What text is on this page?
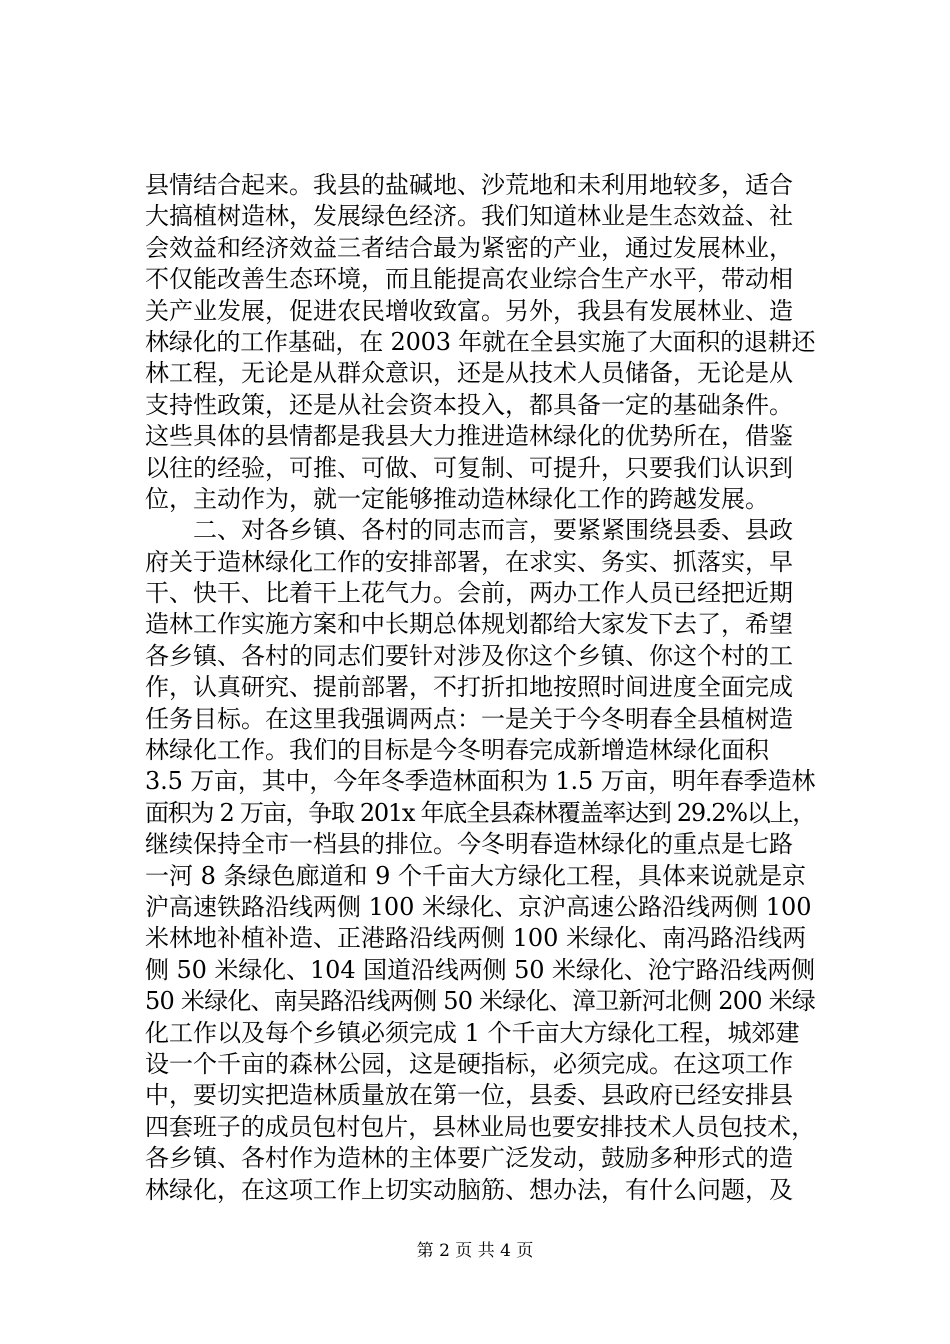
县情结合起来。我县的盐碱地、沙荒地和未利用地较多，适合
大搞植树造林，发展绿色经济。我们知道林业是生态效益、社
会效益和经济效益三者结合最为紧密的产业，通过发展林业，
不仅能改善生态环境，而且能提高农业综合生产水平，带动相
关产业发展，促进农民增收致富。另外，我县有发展林业、造
林绿化的工作基础，在 2003 年就在全县实施了大面积的退耕还
林工程，无论是从群众意识，还是从技术人员储备，无论是从
支持性政策，还是从社会资本投入，都具备一定的基础条件。
这些具体的县情都是我县大力推进造林绿化的优势所在，借鉴
以往的经验，可推、可做、可复制、可提升，只要我们认识到
位，主动作为，就一定能够推动造林绿化工作的跨越发展。
　　二、对各乡镇、各村的同志而言，要紧紧围绕县委、县政
府关于造林绿化工作的安排部署，在求实、务实、抓落实，早
干、快干、比着干上花气力。会前，两办工作人员已经把近期
造林工作实施方案和中长期总体规划都给大家发下去了，希望
各乡镇、各村的同志们要针对涉及你这个乡镇、你这个村的工
作，认真研究、提前部署，不打折扣地按照时间进度全面完成
任务目标。在这里我强调两点：一是关于今冬明春全县植树造
林绿化工作。我们的目标是今冬明春完成新增造林绿化面积
3.5 万亩，其中，今年冬季造林面积为 1.5 万亩，明年春季造林
面积为 2 万亩，争取 201x 年底全县森林覆盖率达到 29.2%以上，
继续保持全市一档县的排位。今冬明春造林绿化的重点是七路
一河 8 条绿色廊道和 9 个千亩大方绿化工程，具体来说就是京
沪高速铁路沿线两侧 100 米绿化、京沪高速公路沿线两侧 100
米林地补植补造、正港路沿线两侧 100 米绿化、南冯路沿线两
侧 50 米绿化、104 国道沿线两侧 50 米绿化、沧宁路沿线两侧
50 米绿化、南吴路沿线两侧 50 米绿化、漳卫新河北侧 200 米绿
化工作以及每个乡镇必须完成 1 个千亩大方绿化工程，城郊建
设一个千亩的森林公园，这是硬指标，必须完成。在这项工作
中，要切实把造林质量放在第一位，县委、县政府已经安排县
四套班子的成员包村包片，县林业局也要安排技术人员包技术，
各乡镇、各村作为造林的主体要广泛发动，鼓励多种形式的造
林绿化，在这项工作上切实动脑筋、想办法，有什么问题，及
第 2 页 共 4 页
